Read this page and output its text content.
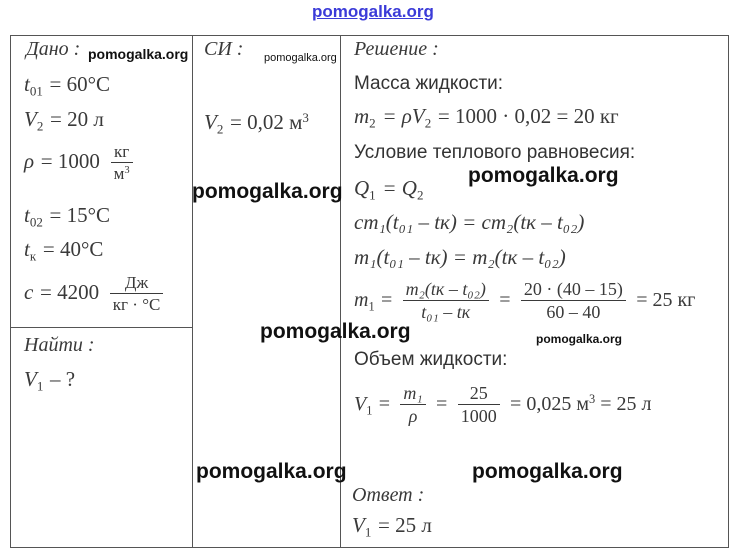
pomogalka.org
Дано :	СИ :	Решение :
Найти :
Ответ :
$t_{01} = 60^\circ C$
$V_2 = 20$ л
$\rho = 1000 \frac{кг}{м^3}$
$t_{02} = 15^\circ C$
$t_к = 40^\circ C$
$c = 4200 \frac{Дж}{кг \cdot ^\circ C}$
$V_2 = 0,02$ $м^3$
$V_1$ – ?
Масса жидкости:
$m_2 = \rho V_2 = 1000 \cdot 0,02 = 20$ кг
Условие теплового равновесия:
$Q_1 = Q_2$
cm₁(t₀₁ – tк) = cm₂(tк – t₀₂)
m₁(t₀₁ – tк) = m₂(tк – t₀₂)
$m_1 = \frac{\text{m₂(tк – t₀₂)}}{\text{t₀₁ – tк}} = \frac{20 \cdot (40 - 15)}{60 - 40} = 25$ кг
Объем жидкости:
$V_1 = \frac{\text{m₁}}{\rho} = \frac{25}{1000} = 0,025$ $м^3 = 25$ л
$V_1 = 25$ л
pomogalka.org	pomogalka.org
pomogalka.org
pomogalka.org
pomogalka.org	pomogalka.org
pomogalka.org	pomogalka.org
